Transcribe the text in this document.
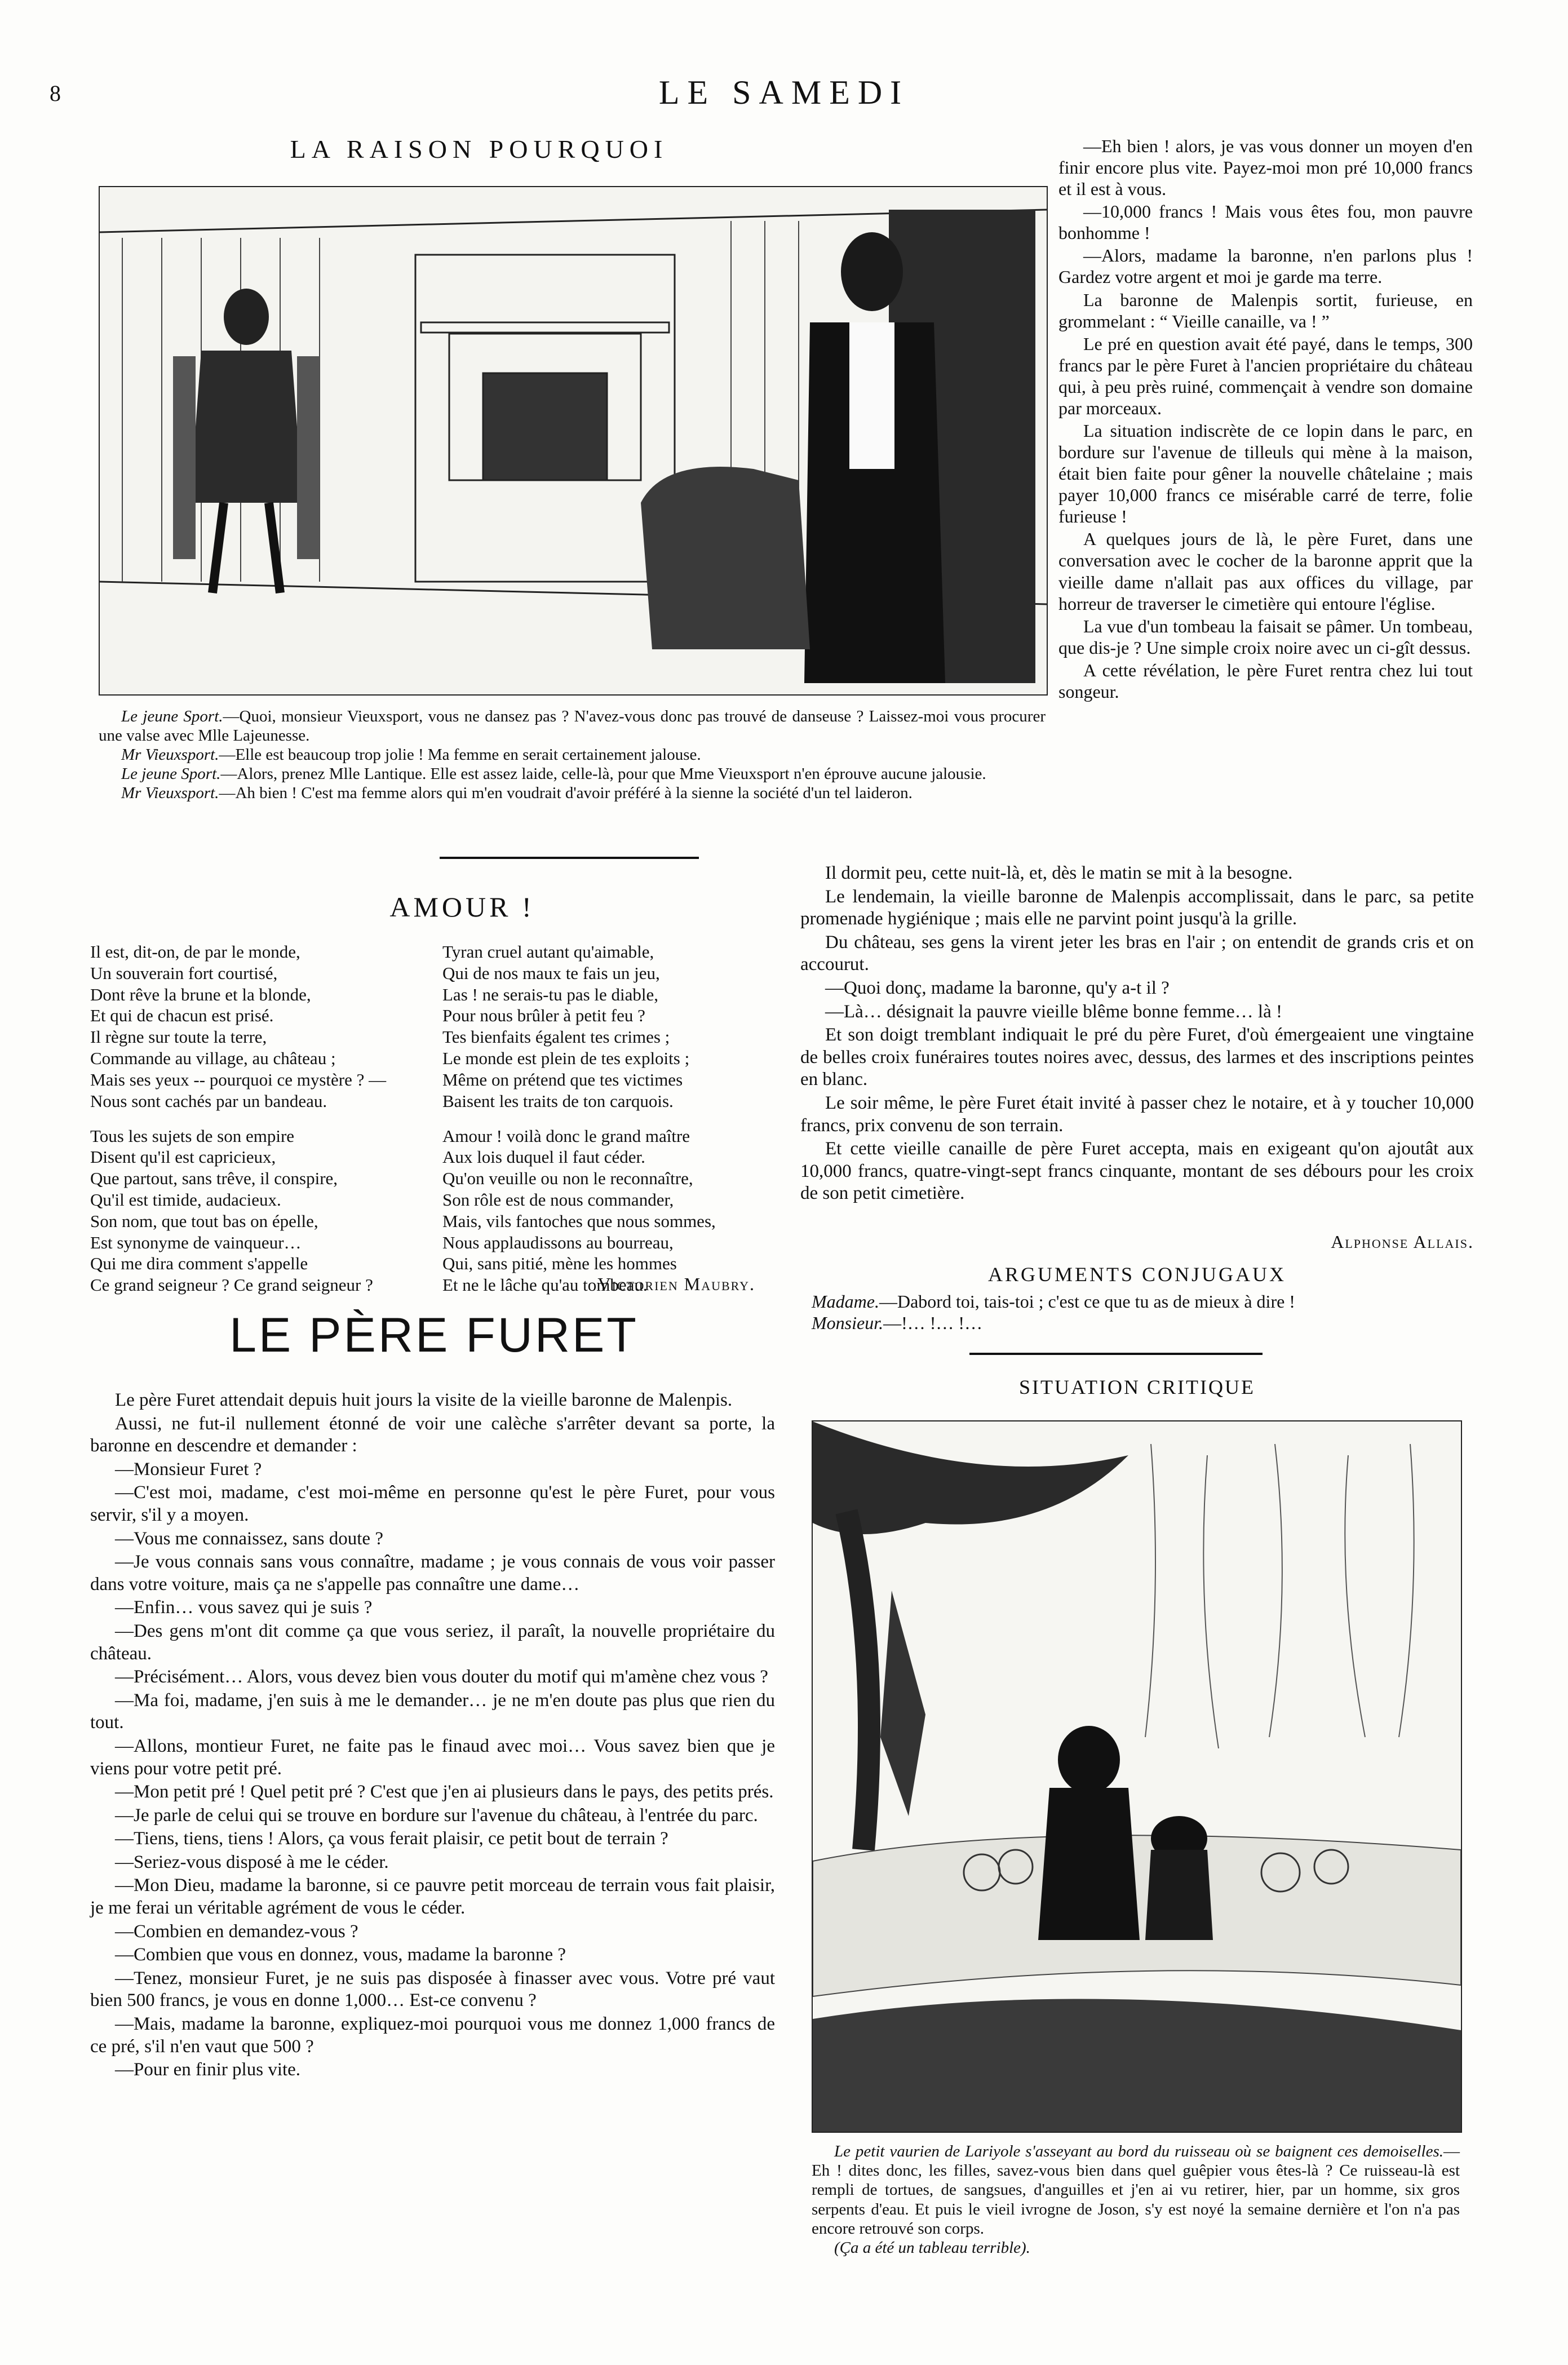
8	LE SAMEDI
LA RAISON POURQUOI

Le jeune Sport.—Quoi, monsieur Vieuxsport, vous ne dansez pas ? N'avez-vous donc pas trouvé de danseuse ? Laissez-moi vous procurer une valse avec Mlle Lajeunesse.

Mr Vieuxsport.—Elle est beaucoup trop jolie ! Ma femme en serait certainement jalouse.

Le jeune Sport.—Alors, prenez Mlle Lantique. Elle est assez laide, celle-là, pour que Mme Vieuxsport n'en éprouve aucune jalousie.

Mr Vieuxsport.—Ah bien ! C'est ma femme alors qui m'en voudrait d'avoir préféré à la sienne la société d'un tel laideron.

AMOUR !
Il est, dit-on, de par le monde,
Un souverain fort courtisé,
Dont rêve la brune et la blonde,
Et qui de chacun est prisé.
Il règne sur toute la terre,
Commande au village, au château ;
Mais ses yeux -- pourquoi ce mystère ? —
Nous sont cachés par un bandeau.
Tous les sujets de son empire
Disent qu'il est capricieux,
Que partout, sans trêve, il conspire,
Qu'il est timide, audacieux.
Son nom, que tout bas on épelle,
Est synonyme de vainqueur…
Qui me dira comment s'appelle
Ce grand seigneur ? Ce grand seigneur ?
Tyran cruel autant qu'aimable,
Qui de nos maux te fais un jeu,
Las ! ne serais-tu pas le diable,
Pour nous brûler à petit feu ?
Tes bienfaits égalent tes crimes ;
Le monde est plein de tes exploits ;
Même on prétend que tes victimes
Baisent les traits de ton carquois.
Amour ! voilà donc le grand maître
Aux lois duquel il faut céder.
Qu'on veuille ou non le reconnaître,
Son rôle est de nous commander,
Mais, vils fantoches que nous sommes,
Nous applaudissons au bourreau,
Qui, sans pitié, mène les hommes
Et ne le lâche qu'au tombeau.
Victorien Maubry.
LE PÈRE FURET

Le père Furet attendait depuis huit jours la visite de la vieille baronne de Malenpis.

Aussi, ne fut-il nullement étonné de voir une calèche s'arrêter devant sa porte, la baronne en descendre et demander :

—Monsieur Furet ?

—C'est moi, madame, c'est moi-même en personne qu'est le père Furet, pour vous servir, s'il y a moyen.

—Vous me connaissez, sans doute ?

—Je vous connais sans vous connaître, madame ; je vous connais de vous voir passer dans votre voiture, mais ça ne s'appelle pas connaître une dame…

—Enfin… vous savez qui je suis ?

—Des gens m'ont dit comme ça que vous seriez, il paraît, la nouvelle propriétaire du château.

—Précisément… Alors, vous devez bien vous douter du motif qui m'amène chez vous ?

—Ma foi, madame, j'en suis à me le demander… je ne m'en doute pas plus que rien du tout.

—Allons, montieur Furet, ne faite pas le finaud avec moi… Vous savez bien que je viens pour votre petit pré.

—Mon petit pré ! Quel petit pré ? C'est que j'en ai plusieurs dans le pays, des petits prés.

—Je parle de celui qui se trouve en bordure sur l'avenue du château, à l'entrée du parc.

—Tiens, tiens, tiens ! Alors, ça vous ferait plaisir, ce petit bout de terrain ?

—Seriez-vous disposé à me le céder.

—Mon Dieu, madame la baronne, si ce pauvre petit morceau de terrain vous fait plaisir, je me ferai un véritable agrément de vous le céder.

—Combien en demandez-vous ?

—Combien que vous en donnez, vous, madame la baronne ?

—Tenez, monsieur Furet, je ne suis pas disposée à finasser avec vous. Votre pré vaut bien 500 francs, je vous en donne 1,000… Est-ce convenu ?

—Mais, madame la baronne, expliquez-moi pourquoi vous me donnez 1,000 francs de ce pré, s'il n'en vaut que 500 ?

—Pour en finir plus vite.

—Eh bien ! alors, je vas vous donner un moyen d'en finir encore plus vite. Payez-moi mon pré 10,000 francs et il est à vous.

—10,000 francs ! Mais vous êtes fou, mon pauvre bonhomme !

—Alors, madame la baronne, n'en parlons plus ! Gardez votre argent et moi je garde ma terre.

La baronne de Malenpis sortit, furieuse, en grommelant : “ Vieille canaille, va ! ”

Le pré en question avait été payé, dans le temps, 300 francs par le père Furet à l'ancien propriétaire du château qui, à peu près ruiné, commençait à vendre son domaine par morceaux.

La situation indiscrète de ce lopin dans le parc, en bordure sur l'avenue de tilleuls qui mène à la maison, était bien faite pour gêner la nouvelle châtelaine ; mais payer 10,000 francs ce misérable carré de terre, folie furieuse !

A quelques jours de là, le père Furet, dans une conversation avec le cocher de la baronne apprit que la vieille dame n'allait pas aux offices du village, par horreur de traverser le cimetière qui entoure l'église.

La vue d'un tombeau la faisait se pâmer. Un tombeau, que dis-je ? Une simple croix noire avec un ci-gît dessus.

A cette révélation, le père Furet rentra chez lui tout songeur.

Il dormit peu, cette nuit-là, et, dès le matin se mit à la besogne.

Le lendemain, la vieille baronne de Malenpis accomplissait, dans le parc, sa petite promenade hygiénique ; mais elle ne parvint point jusqu'à la grille.

Du château, ses gens la virent jeter les bras en l'air ; on entendit de grands cris et on accourut.

—Quoi donç, madame la baronne, qu'y a-t il ?

—Là… désignait la pauvre vieille blême bonne femme… là !

Et son doigt tremblant indiquait le pré du père Furet, d'où émergeaient une vingtaine de belles croix funéraires toutes noires avec, dessus, des larmes et des inscriptions peintes en blanc.

Le soir même, le père Furet était invité à passer chez le notaire, et à y toucher 10,000 francs, prix convenu de son terrain.

Et cette vieille canaille de père Furet accepta, mais en exigeant qu'on ajoutât aux 10,000 francs, quatre-vingt-sept francs cinquante, montant de ses débours pour les croix de son petit cimetière.

Alphonse Allais.
ARGUMENTS CONJUGAUX
Madame.—Dabord toi, tais-toi ; c'est ce que tu as de mieux à dire !
Monsieur.—!… !… !…
SITUATION CRITIQUE

Le petit vaurien de Lariyole s'asseyant au bord du ruisseau où se baignent ces demoiselles.—Eh ! dites donc, les filles, savez-vous bien dans quel guêpier vous êtes-là ? Ce ruisseau-là est rempli de tortues, de sangsues, d'anguilles et j'en ai vu retirer, hier, par un homme, six gros serpents d'eau. Et puis le vieil ivrogne de Joson, s'y est noyé la semaine dernière et l'on n'a pas encore retrouvé son corps.

(Ça a été un tableau terrible).
